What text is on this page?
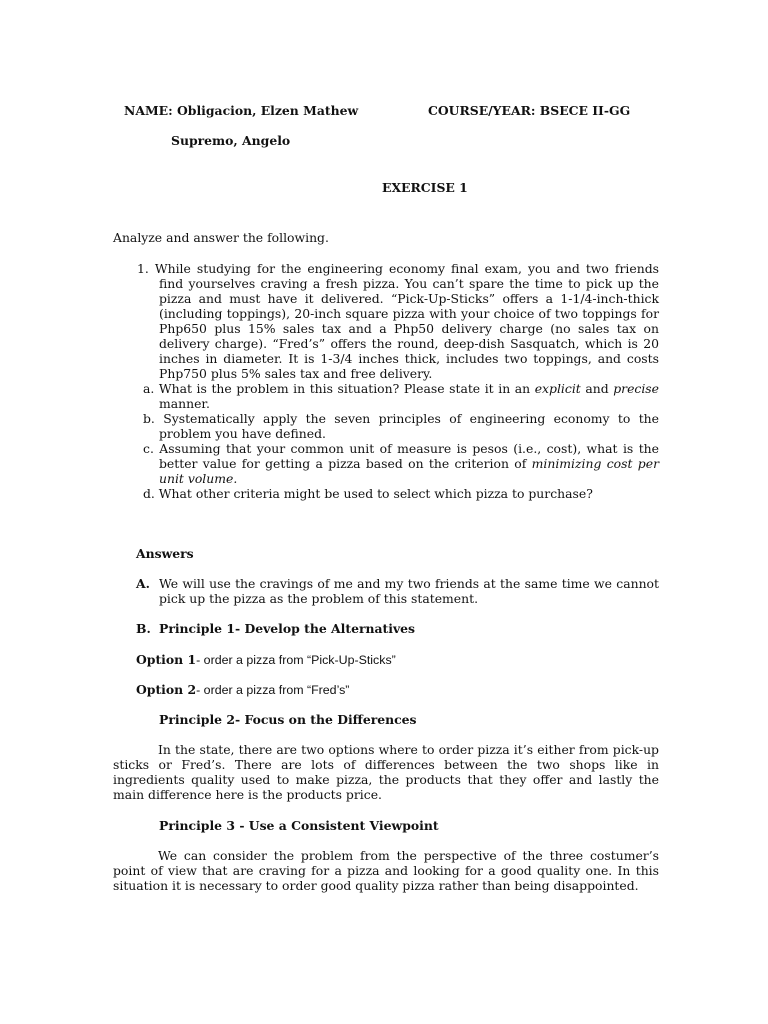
NAME: Obligacion, Elzen Mathew	COURSE/YEAR: BSECE II-GG
Supremo, Angelo
EXERCISE 1
Analyze and answer the following.
1. While studying for the engineering economy final exam, you and two friends find yourselves craving a fresh pizza. You can’t spare the time to pick up the pizza and must have it delivered. “Pick-Up-Sticks” offers a 1-1/4-inch-thick (including toppings), 20-inch square pizza with your choice of two toppings for Php650 plus 15% sales tax and a Php50 delivery charge (no sales tax on delivery charge). “Fred’s” offers the round, deep-dish Sasquatch, which is 20 inches in diameter. It is 1-3/4 inches thick, includes two toppings, and costs Php750 plus 5% sales tax and free delivery.
a. What is the problem in this situation? Please state it in an explicit and precise manner.
b. Systematically apply the seven principles of engineering economy to the problem you have defined.
c. Assuming that your common unit of measure is pesos (i.e., cost), what is the better value for getting a pizza based on the criterion of minimizing cost per unit volume.
d. What other criteria might be used to select which pizza to purchase?
Answers
A. We will use the cravings of me and my two friends at the same time we cannot pick up the pizza as the problem of this statement.
B. Principle 1- Develop the Alternatives
Option 1- order a pizza from “Pick-Up-Sticks”
Option 2- order a pizza from “Fred’s”
Principle 2- Focus on the Differences
In the state, there are two options where to order pizza it’s either from pick-up sticks or Fred’s. There are lots of differences between the two shops like in ingredients quality used to make pizza, the products that they offer and lastly the main difference here is the products price.
Principle 3 - Use a Consistent Viewpoint
We can consider the problem from the perspective of the three costumer’s point of view that are craving for a pizza and looking for a good quality one. In this situation it is necessary to order good quality pizza rather than being disappointed.
